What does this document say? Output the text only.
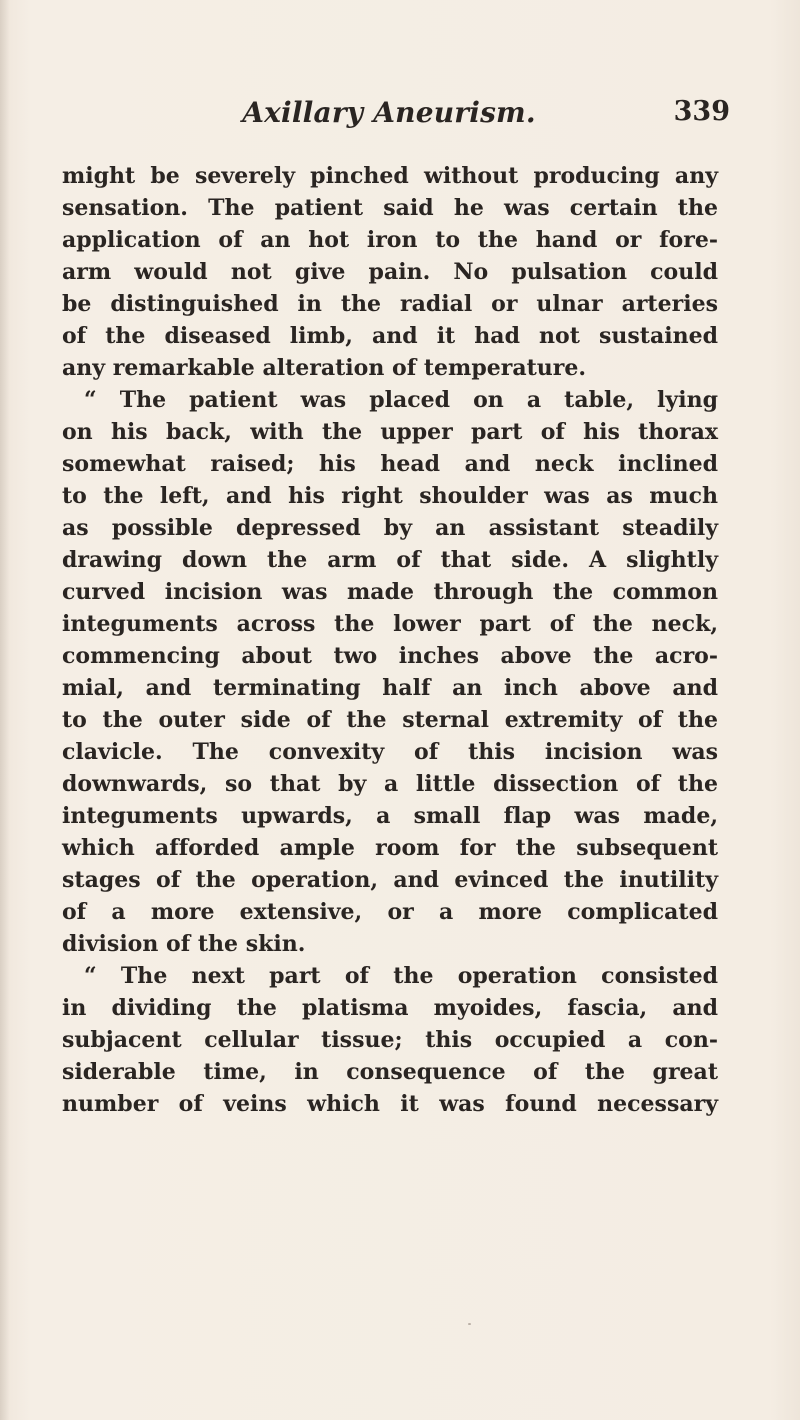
Axillary Aneurism.	339
might be severely pinched without producing any
sensation. The patient said he was certain the
application of an hot iron to the hand or fore-
arm would not give pain. No pulsation could
be distinguished in the radial or ulnar arteries
of the diseased limb, and it had not sustained
any remarkable alteration of temperature.
“ The patient was placed on a table, lying
on his back, with the upper part of his thorax
somewhat raised; his head and neck inclined
to the left, and his right shoulder was as much
as possible depressed by an assistant steadily
drawing down the arm of that side. A slightly
curved incision was made through the common
integuments across the lower part of the neck,
commencing about two inches above the acro-
mial, and terminating half an inch above and
to the outer side of the sternal extremity of the
clavicle. The convexity of this incision was
downwards, so that by a little dissection of the
integuments upwards, a small flap was made,
which afforded ample room for the subsequent
stages of the operation, and evinced the inutility
of a more extensive, or a more complicated
division of the skin.
“ The next part of the operation consisted
in dividing the platisma myoides, fascia, and
subjacent cellular tissue; this occupied a con-
siderable time, in consequence of the great
number of veins which it was found necessary
